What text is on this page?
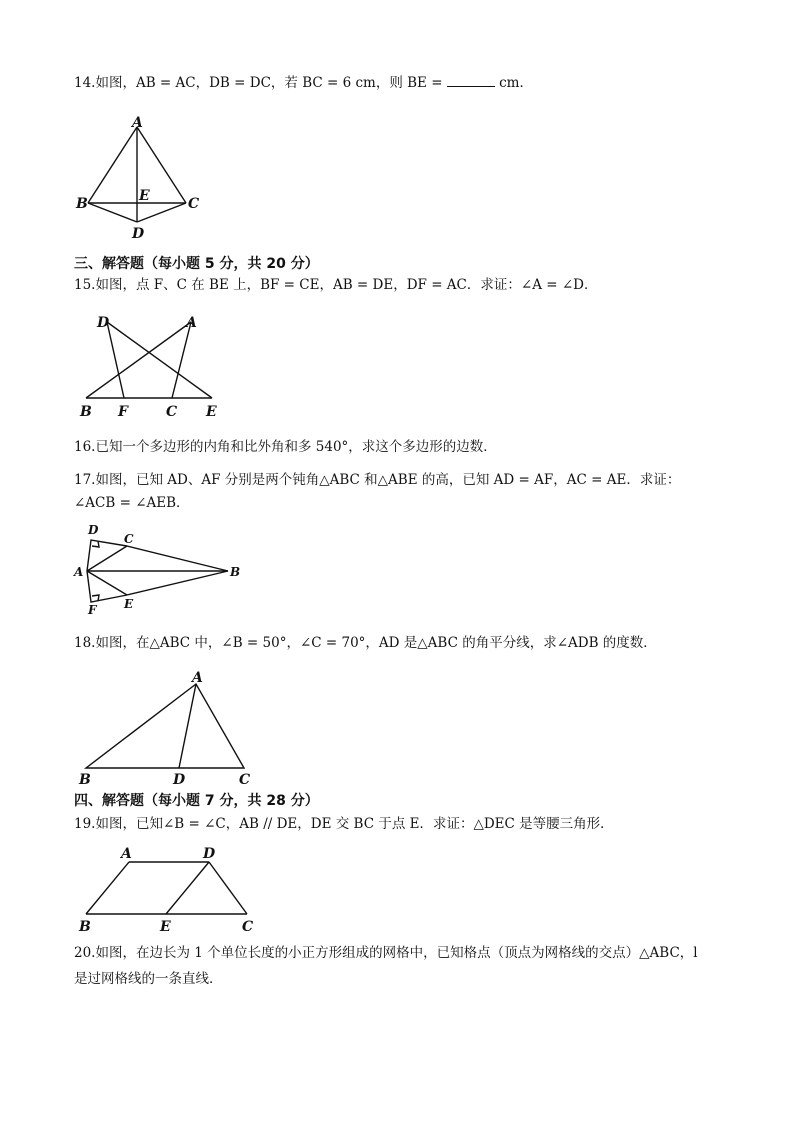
14.如图，AB = AC，DB = DC，若 BC = 6 cm，则 BE =	cm．
A
B	C
E
D
三、解答题（每小题 5 分，共 20 分）
15.如图，点 F、C 在 BE 上，BF = CE，AB = DE，DF = AC．求证：∠A = ∠D．
D	A
B F	C E
16.已知一个多边形的内角和比外角和多 540°，求这个多边形的边数．
17.如图，已知 AD、AF 分别是两个钝角△ABC 和△ABE 的高，已知 AD = AF，AC = AE．求证：
∠ACB = ∠AEB．
D
C
A	B
F E
18.如图，在△ABC 中，∠B = 50°，∠C = 70°，AD 是△ABC 的角平分线，求∠ADB 的度数．
A
B	D	C
四、解答题（每小题 7 分，共 28 分）
19.如图，已知∠B = ∠C，AB // DE，DE 交 BC 于点 E．求证：△DEC 是等腰三角形．
A	D
B	E	C
20.如图，在边长为 1 个单位长度的小正方形组成的网格中，已知格点（顶点为网格线的交点）△ABC，l
是过网格线的一条直线．
